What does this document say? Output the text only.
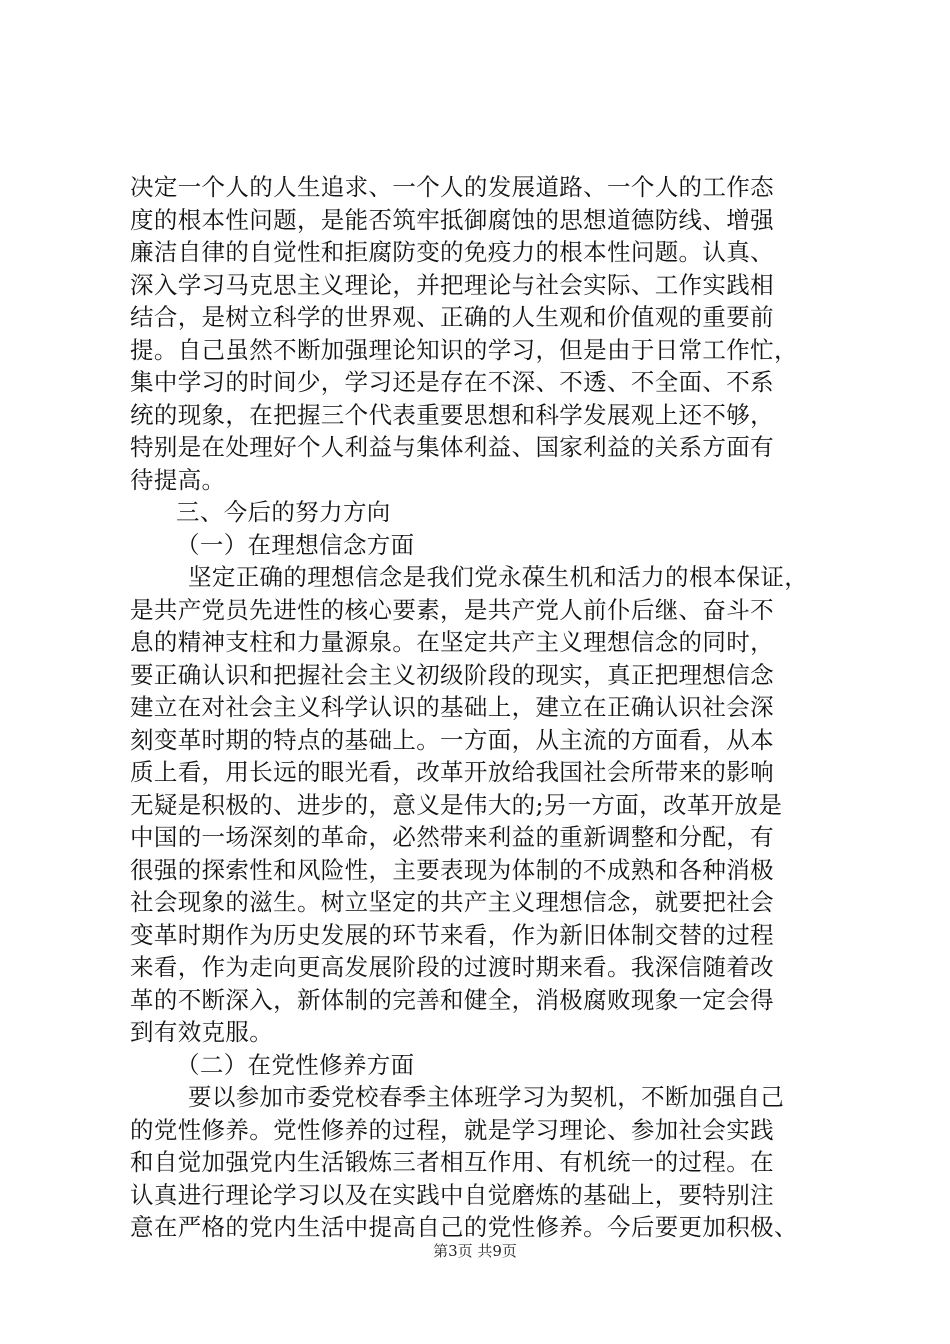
决定一个人的人生追求、一个人的发展道路、一个人的工作态
度的根本性问题，是能否筑牢抵御腐蚀的思想道德防线、增强
廉洁自律的自觉性和拒腐防变的免疫力的根本性问题。认真、
深入学习马克思主义理论，并把理论与社会实际、工作实践相
结合，是树立科学的世界观、正确的人生观和价值观的重要前
提。自己虽然不断加强理论知识的学习，但是由于日常工作忙，
集中学习的时间少，学习还是存在不深、不透、不全面、不系
统的现象，在把握三个代表重要思想和科学发展观上还不够，
特别是在处理好个人利益与集体利益、国家利益的关系方面有
待提高。
三、今后的努力方向
（一）在理想信念方面
坚定正确的理想信念是我们党永葆生机和活力的根本保证，
是共产党员先进性的核心要素，是共产党人前仆后继、奋斗不
息的精神支柱和力量源泉。在坚定共产主义理想信念的同时，
要正确认识和把握社会主义初级阶段的现实，真正把理想信念
建立在对社会主义科学认识的基础上，建立在正确认识社会深
刻变革时期的特点的基础上。一方面，从主流的方面看，从本
质上看，用长远的眼光看，改革开放给我国社会所带来的影响
无疑是积极的、进步的，意义是伟大的;另一方面，改革开放是
中国的一场深刻的革命，必然带来利益的重新调整和分配，有
很强的探索性和风险性，主要表现为体制的不成熟和各种消极
社会现象的滋生。树立坚定的共产主义理想信念，就要把社会
变革时期作为历史发展的环节来看，作为新旧体制交替的过程
来看，作为走向更高发展阶段的过渡时期来看。我深信随着改
革的不断深入，新体制的完善和健全，消极腐败现象一定会得
到有效克服。
（二）在党性修养方面
要以参加市委党校春季主体班学习为契机，不断加强自己
的党性修养。党性修养的过程，就是学习理论、参加社会实践
和自觉加强党内生活锻炼三者相互作用、有机统一的过程。在
认真进行理论学习以及在实践中自觉磨炼的基础上，要特别注
意在严格的党内生活中提高自己的党性修养。今后要更加积极、
第3页 共9页
